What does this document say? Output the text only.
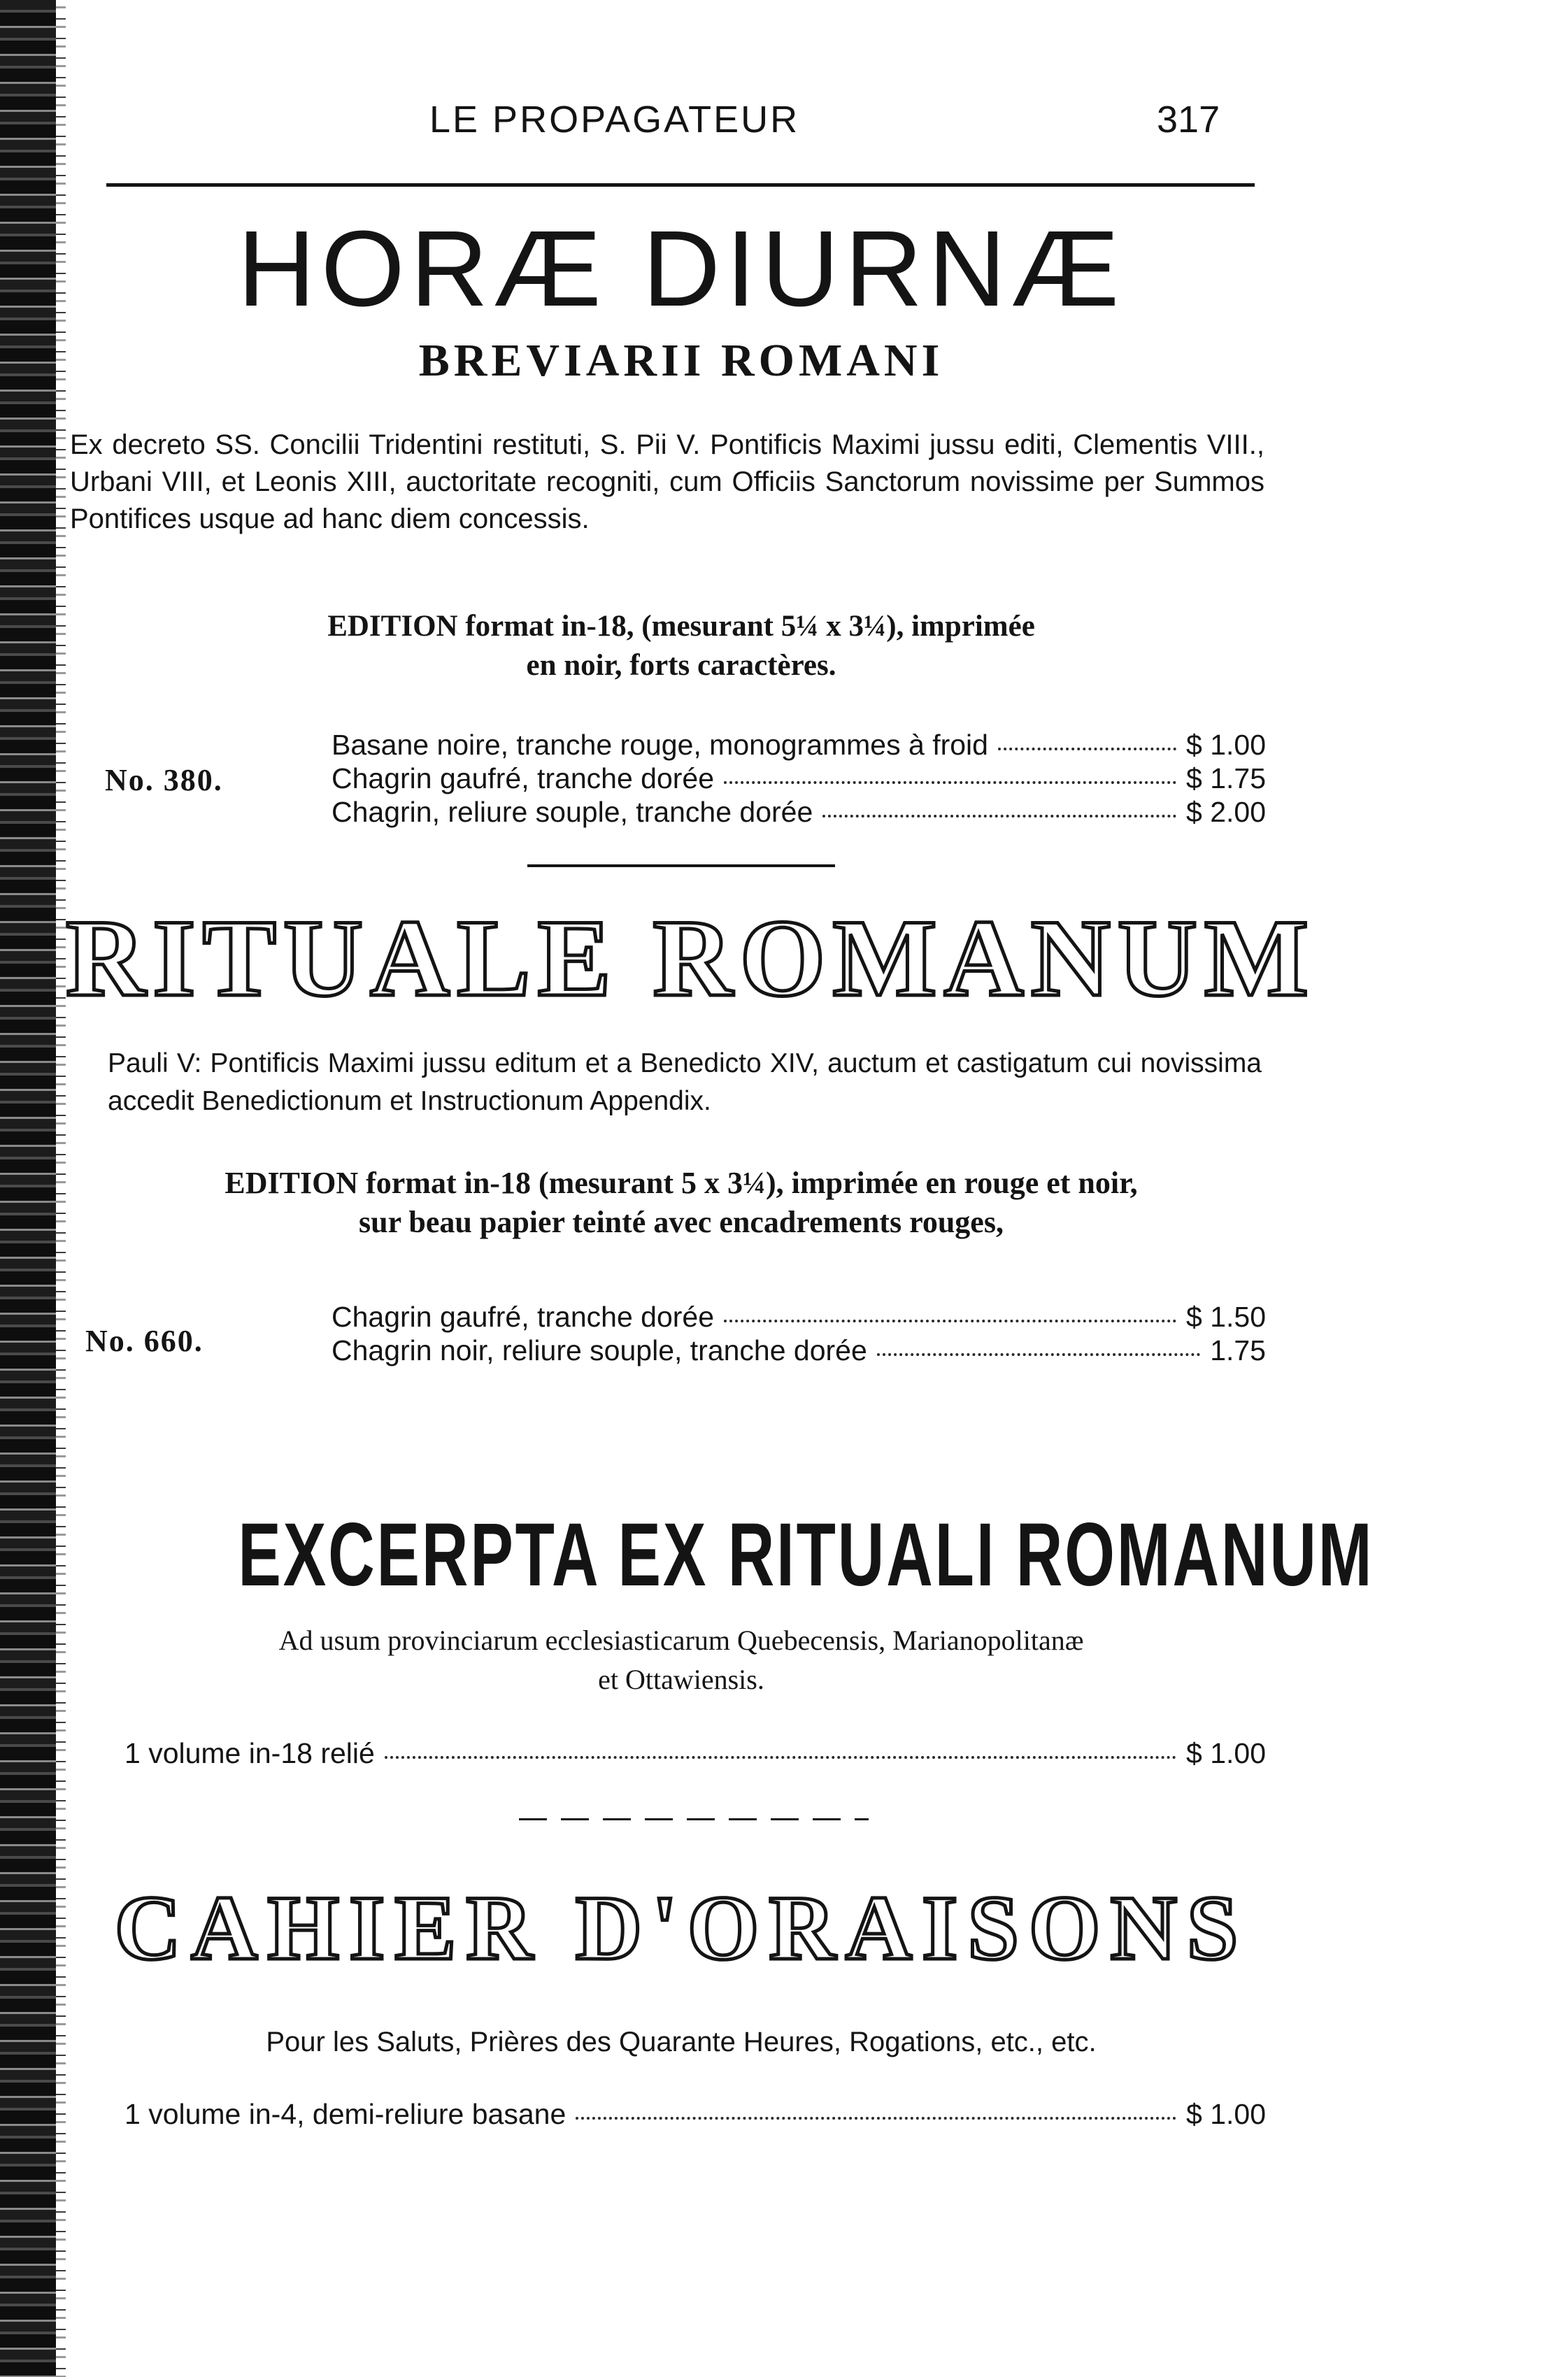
LE PROPAGATEUR	317

HORÆ DIURNÆ
BREVIARII ROMANI

Ex decreto SS. Concilii Tridentini restituti, S. Pii V. Pontificis Maximi jussu editi, Clementis VIII., Urbani VIII, et Leonis XIII, auctoritate recogniti, cum Officiis Sanctorum novissime per Summos Pontifices usque ad hanc diem concessis.

EDITION format in-18, (mesurant 5¼ x 3¼), imprimée
en noir, forts caractères.

No. 380.

Basane noire, tranche rouge, monogrammes à froid	$ 1.00
Chagrin gaufré, tranche dorée	$ 1.75
Chagrin, reliure souple, tranche dorée	$ 2.00
RITUALE ROMANUM

Pauli V: Pontificis Maximi jussu editum et a Benedicto XIV, auctum et castigatum cui novissima accedit Benedictionum et Instructionum Appendix.

EDITION format in-18 (mesurant 5 x 3¼), imprimée en rouge et noir,
sur beau papier teinté avec encadrements rouges,

No. 660.

Chagrin gaufré, tranche dorée	$ 1.50
Chagrin noir, reliure souple, tranche dorée	1.75
EXCERPTA EX RITUALI ROMANUM
Ad usum provinciarum ecclesiasticarum Quebecensis, Marianopolitanæ
et Ottawiensis.
1 volume in-18 relié	$ 1.00
CAHIER D'ORAISONS

Pour les Saluts, Prières des Quarante Heures, Rogations, etc., etc.

1 volume in-4, demi-reliure basane	$ 1.00
